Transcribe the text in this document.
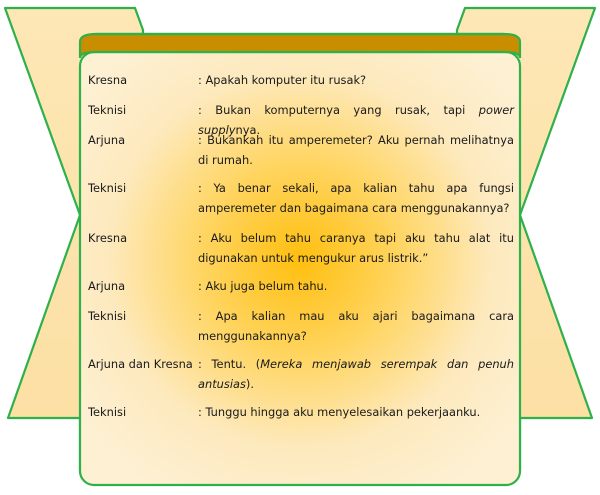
Kresna	: Apakah komputer itu rusak?
Teknisi	: Bukan komputernya yang rusak, tapi power supplynya.
Arjuna	: Bukankah itu amperemeter? Aku pernah melihatnya di rumah.
Teknisi	: Ya benar sekali, apa kalian tahu apa fungsi amperemeter dan bagaimana cara menggunakannya?
Kresna	: Aku belum tahu caranya tapi aku tahu alat itu digunakan untuk mengukur arus listrik.”
Arjuna	: Aku juga belum tahu.
Teknisi	: Apa kalian mau aku ajari bagaimana cara menggunakannya?
Arjuna dan Kresna : Tentu. (Mereka menjawab serempak dan penuh antusias).
Teknisi	: Tunggu hingga aku menyelesaikan pekerjaanku.
